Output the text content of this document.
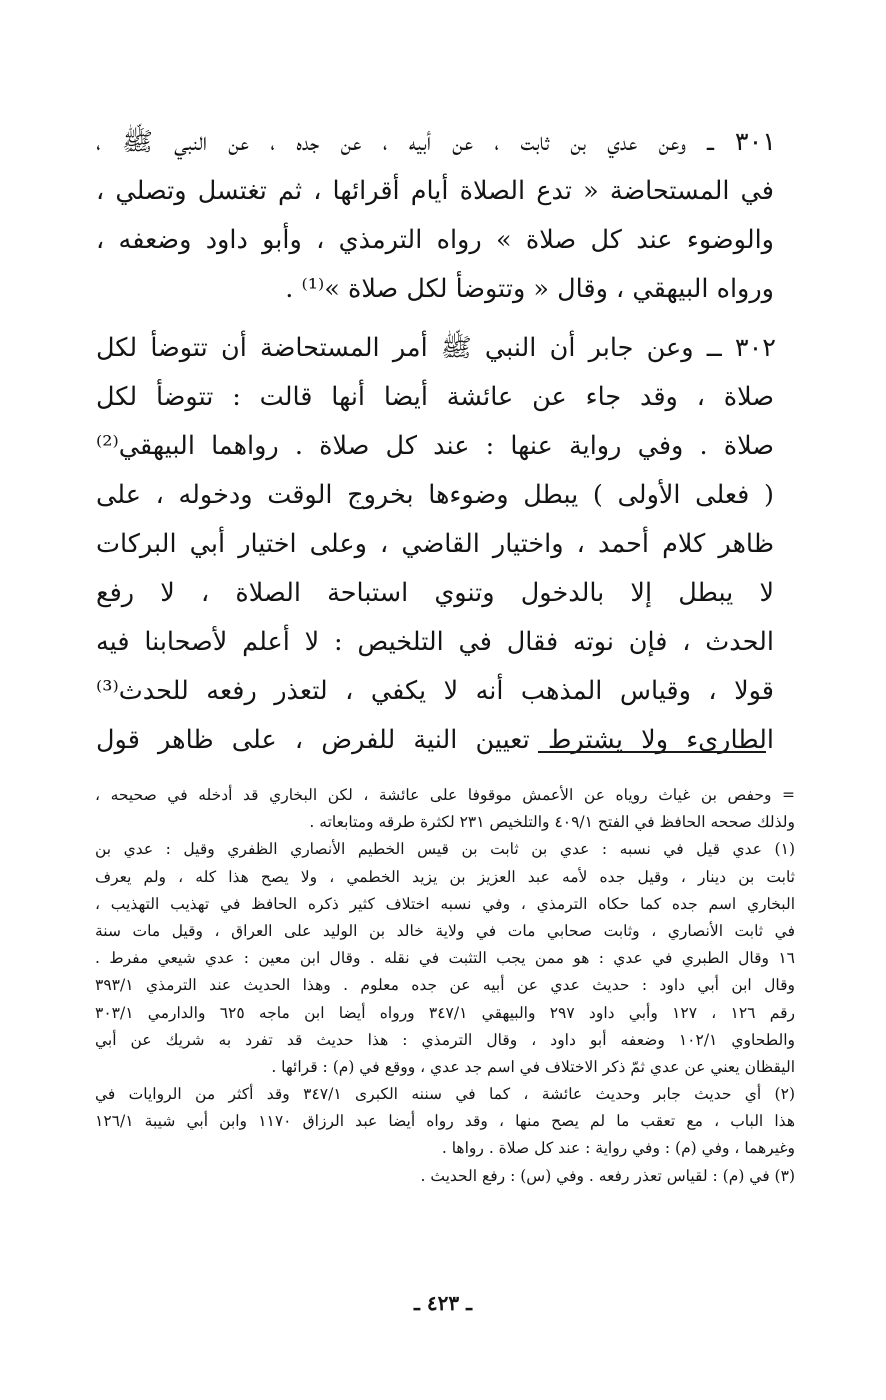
٣٠١ ــ وعن عدي بن ثابت ، عن أبيه ، عن جده ، عن النبي ﷺ ،
في المستحاضة « تدع الصلاة أيام أقرائها ، ثم تغتسل وتصلي ،
والوضوء عند كل صلاة » رواه الترمذي ، وأبو داود وضعفه ،
ورواه البيهقي ، وقال « وتتوضأ لكل صلاة »⁽¹⁾ .
٣٠٢ ــ وعن جابر أن النبي ﷺ أمر المستحاضة أن تتوضأ لكل
صلاة ، وقد جاء عن عائشة أيضا أنها قالت : تتوضأ لكل
صلاة . وفي رواية عنها : عند كل صلاة . رواهما البيهقي⁽²⁾
( فعلى الأولى ) يبطل وضوءها بخروج الوقت ودخوله ، على
ظاهر كلام أحمد ، واختيار القاضي ، وعلى اختيار أبي البركات
لا يبطل إلا بالدخول وتنوي استباحة الصلاة ، لا رفع
الحدث ، فإن نوته فقال في التلخيص : لا أعلم لأصحابنا فيه
قولا ، وقياس المذهب أنه لا يكفي ، لتعذر رفعه للحدث⁽³⁾
الطارىء ولا يشترط تعيين النية للفرض ، على ظاهر قول
= وحفص بن غياث روياه عن الأعمش موقوفا على عائشة ، لكن البخاري قد أدخله في صحيحه ،
ولذلك صححه الحافظ في الفتح ٤٠٩/١ والتلخيص ٢٣١ لكثرة طرقه ومتابعاته .
(١) عدي قيل في نسبه : عدي بن ثابت بن قيس الخطيم الأنصاري الظفري وقيل : عدي بن
ثابت بن دينار ، وقيل جده لأمه عبد العزيز بن يزيد الخطمي ، ولا يصح هذا كله ، ولم يعرف
البخاري اسم جده كما حكاه الترمذي ، وفي نسبه اختلاف كثير ذكره الحافظ في تهذيب التهذيب ،
في ثابت الأنصاري ، وثابت صحابي مات في ولاية خالد بن الوليد على العراق ، وقيل مات سنة
١٦ وقال الطبري في عدي : هو ممن يجب التثبت في نقله . وقال ابن معين : عدي شيعي مفرط .
وقال ابن أبي داود : حديث عدي عن أبيه عن جده معلوم . وهذا الحديث عند الترمذي ٣٩٣/١
رقم ١٢٦ ، ١٢٧ وأبي داود ٢٩٧ والبيهقي ٣٤٧/١ ورواه أيضا ابن ماجه ٦٢٥ والدارمي ٣٠٣/١
والطحاوي ١٠٢/١ وضعفه أبو داود ، وقال الترمذي : هذا حديث قد تفرد به شريك عن أبي
اليقظان يعني عن عدي ثمّ ذكر الاختلاف في اسم جد عدي ، ووقع في (م) : قرائها .
(٢) أي حديث جابر وحديث عائشة ، كما في سننه الكبرى ٣٤٧/١ وقد أكثر من الروايات في
هذا الباب ، مع تعقب ما لم يصح منها ، وقد رواه أيضا عبد الرزاق ١١٧٠ وابن أبي شيبة ١٢٦/١
وغيرهما ، وفي (م) : وفي رواية : عند كل صلاة . رواها .
(٣) في (م) : لقياس تعذر رفعه . وفي (س) : رفع الحديث .
ـ ٤٢٣ ـ
